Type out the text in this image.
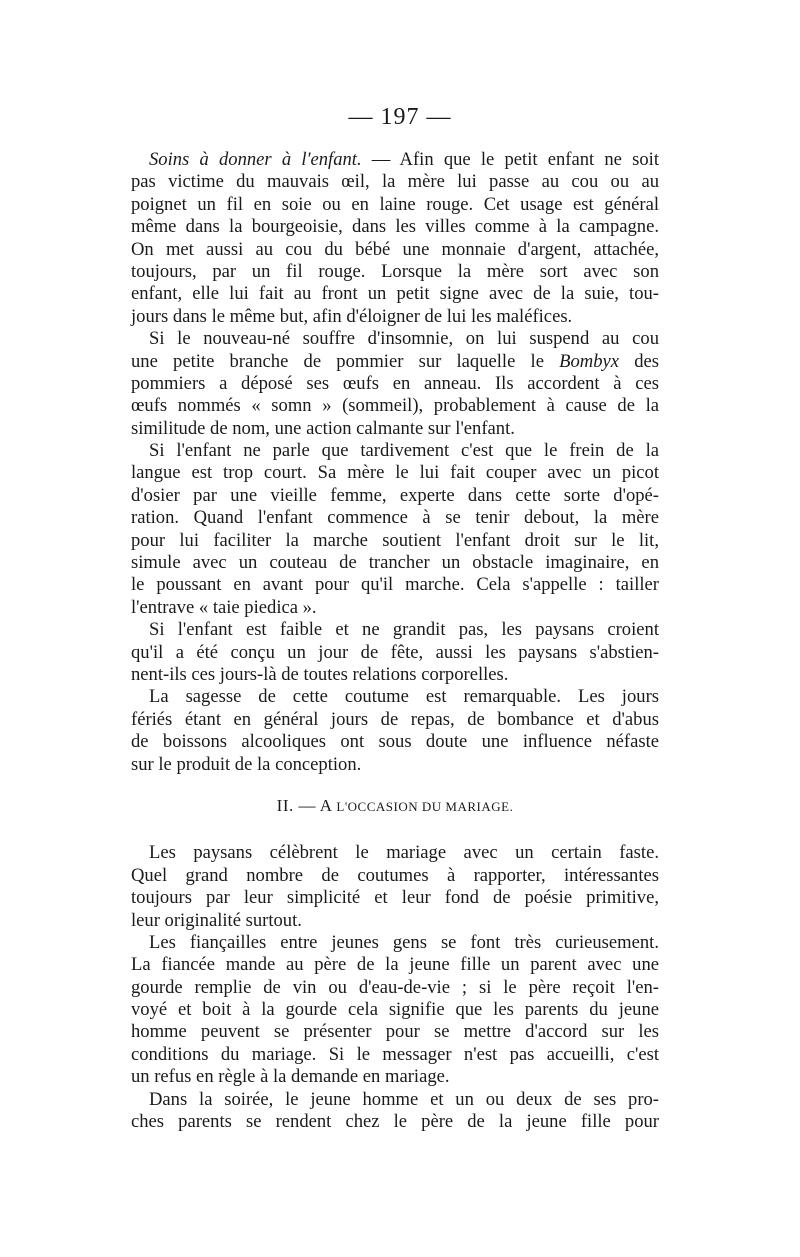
— 197 —
Soins à donner à l'enfant. — Afin que le petit enfant ne soit
pas victime du mauvais œil, la mère lui passe au cou ou au
poignet un fil en soie ou en laine rouge. Cet usage est général
même dans la bourgeoisie, dans les villes comme à la campagne.
On met aussi au cou du bébé une monnaie d'argent, attachée,
toujours, par un fil rouge. Lorsque la mère sort avec son
enfant, elle lui fait au front un petit signe avec de la suie, tou-
jours dans le même but, afin d'éloigner de lui les maléfices.
Si le nouveau-né souffre d'insomnie, on lui suspend au cou
une petite branche de pommier sur laquelle le Bombyx des
pommiers a déposé ses œufs en anneau. Ils accordent à ces
œufs nommés « somn » (sommeil), probablement à cause de la
similitude de nom, une action calmante sur l'enfant.
Si l'enfant ne parle que tardivement c'est que le frein de la
langue est trop court. Sa mère le lui fait couper avec un picot
d'osier par une vieille femme, experte dans cette sorte d'opé-
ration. Quand l'enfant commence à se tenir debout, la mère
pour lui faciliter la marche soutient l'enfant droit sur le lit,
simule avec un couteau de trancher un obstacle imaginaire, en
le poussant en avant pour qu'il marche. Cela s'appelle : tailler
l'entrave « taie piedica ».
Si l'enfant est faible et ne grandit pas, les paysans croient
qu'il a été conçu un jour de fête, aussi les paysans s'abstien-
nent-ils ces jours-là de toutes relations corporelles.
La sagesse de cette coutume est remarquable. Les jours
fériés étant en général jours de repas, de bombance et d'abus
de boissons alcooliques ont sous doute une influence néfaste
sur le produit de la conception.
II. — A L'OCCASION DU MARIAGE.
Les paysans célèbrent le mariage avec un certain faste.
Quel grand nombre de coutumes à rapporter, intéressantes
toujours par leur simplicité et leur fond de poésie primitive,
leur originalité surtout.
Les fiançailles entre jeunes gens se font très curieusement.
La fiancée mande au père de la jeune fille un parent avec une
gourde remplie de vin ou d'eau-de-vie ; si le père reçoit l'en-
voyé et boit à la gourde cela signifie que les parents du jeune
homme peuvent se présenter pour se mettre d'accord sur les
conditions du mariage. Si le messager n'est pas accueilli, c'est
un refus en règle à la demande en mariage.
Dans la soirée, le jeune homme et un ou deux de ses pro-
ches parents se rendent chez le père de la jeune fille pour
